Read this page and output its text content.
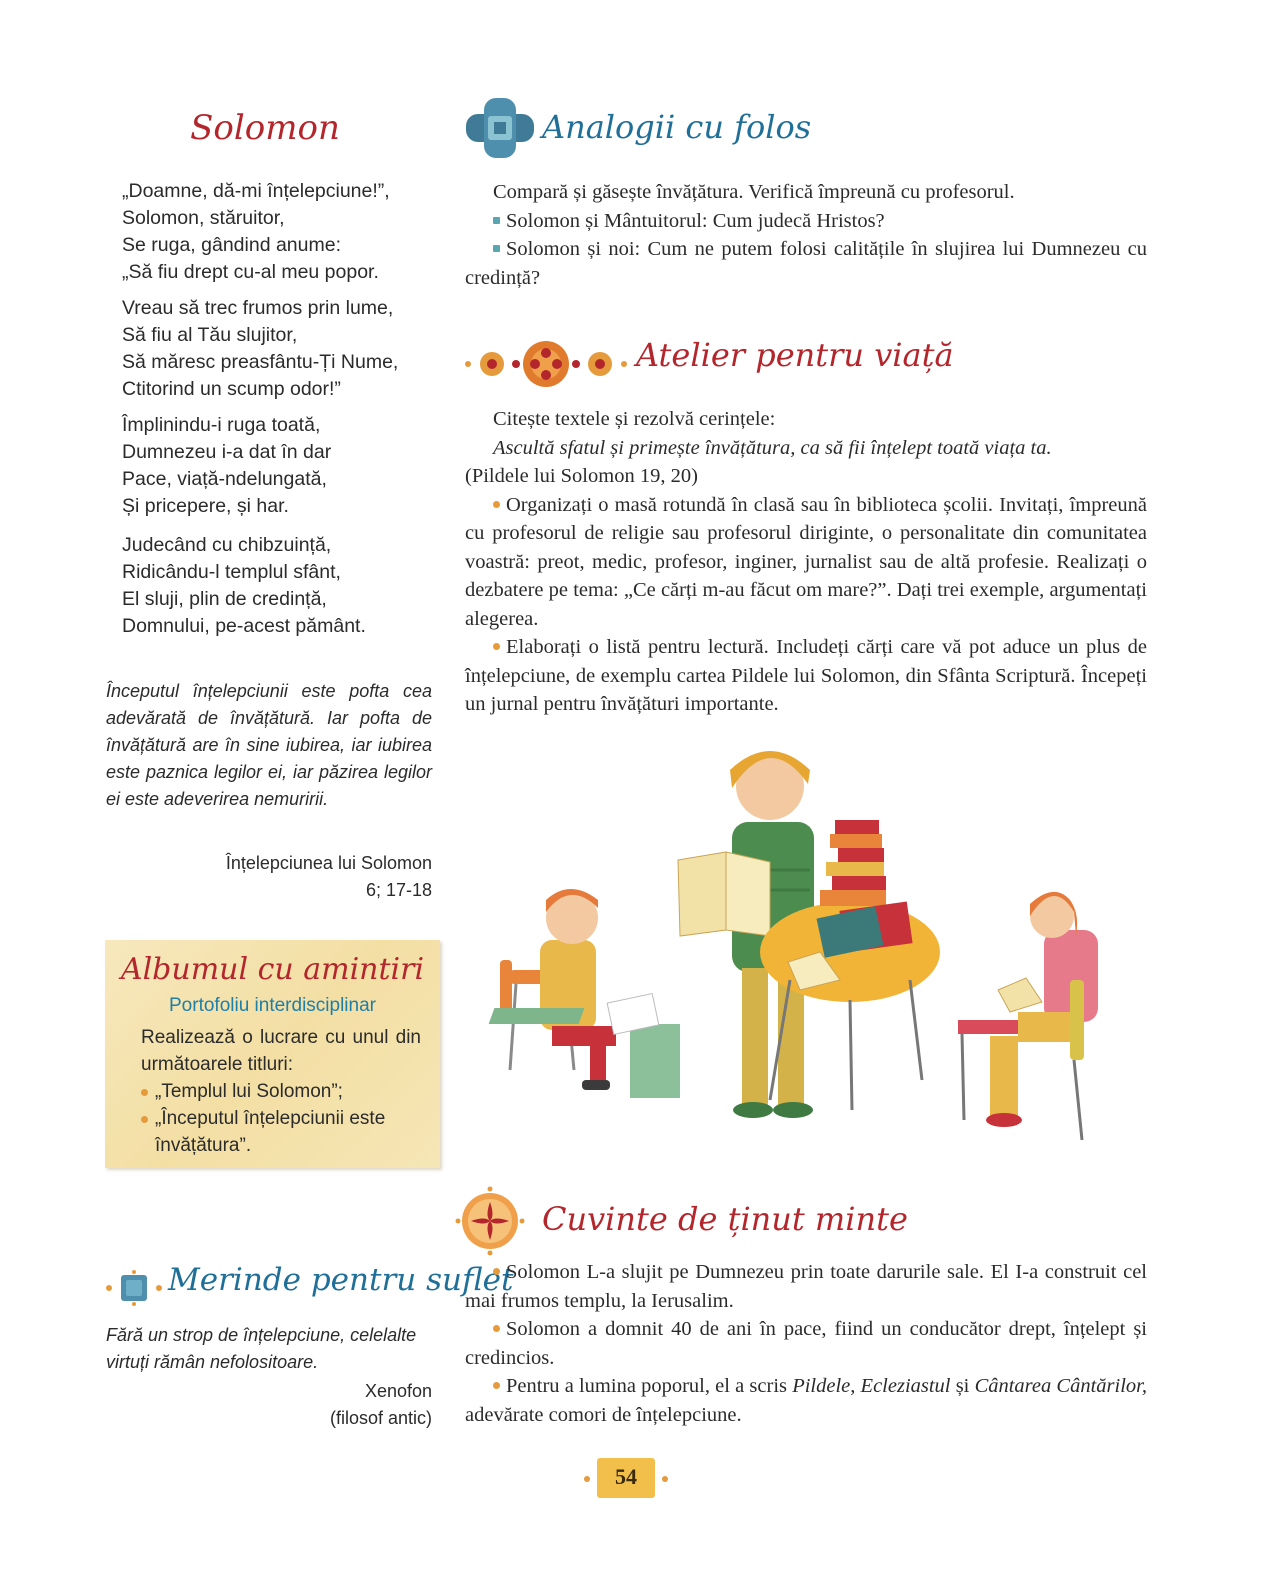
Solomon
„Doamne, dă-mi înțelepciune!”,
Solomon, stăruitor,
Se ruga, gândind anume:
„Să fiu drept cu-al meu popor.
Vreau să trec frumos prin lume,
Să fiu al Tău slujitor,
Să măresc preasfântu-Ți Nume,
Ctitorind un scump odor!”
Împlinindu-i ruga toată,
Dumnezeu i-a dat în dar
Pace, viață-ndelungată,
Și pricepere, și har.
Judecând cu chibzuință,
Ridicându-l templul sfânt,
El sluji, plin de credință,
Domnului, pe-acest pământ.
Începutul înțelepciunii este pofta cea adevărată de învățătură. Iar pofta de învățătură are în sine iubirea, iar iubirea este paznica legilor ei, iar păzirea legilor ei este adeverirea nemuririi.
Înțelepciunea lui Solomon
6; 17-18
Albumul cu amintiri
Portofoliu interdisciplinar
Realizează o lucrare cu unul din următoarele titluri:
„Templul lui Solomon”;
„Începutul înțelepciunii este învățătura”.
Merinde pentru suflet
Fără un strop de înțelepciune, celelalte virtuți rămân nefolositoare.
Xenofon
(filosof antic)
Analogii cu folos
Compară și găsește învățătura. Verifică împreună cu profesorul.
Solomon și Mântuitorul: Cum judecă Hristos?
Solomon și noi: Cum ne putem folosi calitățile în slujirea lui Dumnezeu cu credință?
Atelier pentru viață
Citește textele și rezolvă cerințele:
Ascultă sfatul și primește învățătura, ca să fii înțelept toată viața ta.
(Pildele lui Solomon 19, 20)
Organizați o masă rotundă în clasă sau în biblioteca școlii. Invitați, împreună cu profesorul de religie sau profesorul diriginte, o personalitate din comunitatea voastră: preot, medic, profesor, inginer, jurnalist sau de altă profesie. Realizați o dezbatere pe tema: „Ce cărți m-au făcut om mare?”. Dați trei exemple, argumentați alegerea.
Elaborați o listă pentru lectură. Includeți cărți care vă pot aduce un plus de înțelepciune, de exemplu cartea Pildele lui Solomon, din Sfânta Scriptură. Începeți un jurnal pentru învățături importante.
Cuvinte de ținut minte
Solomon L-a slujit pe Dumnezeu prin toate darurile sale. El I-a construit cel mai frumos templu, la Ierusalim.
Solomon a domnit 40 de ani în pace, fiind un conducător drept, înțelept și credincios.
Pentru a lumina poporul, el a scris Pildele, Ecleziastul și Cântarea Cântărilor, adevărate comori de înțelepciune.
54
